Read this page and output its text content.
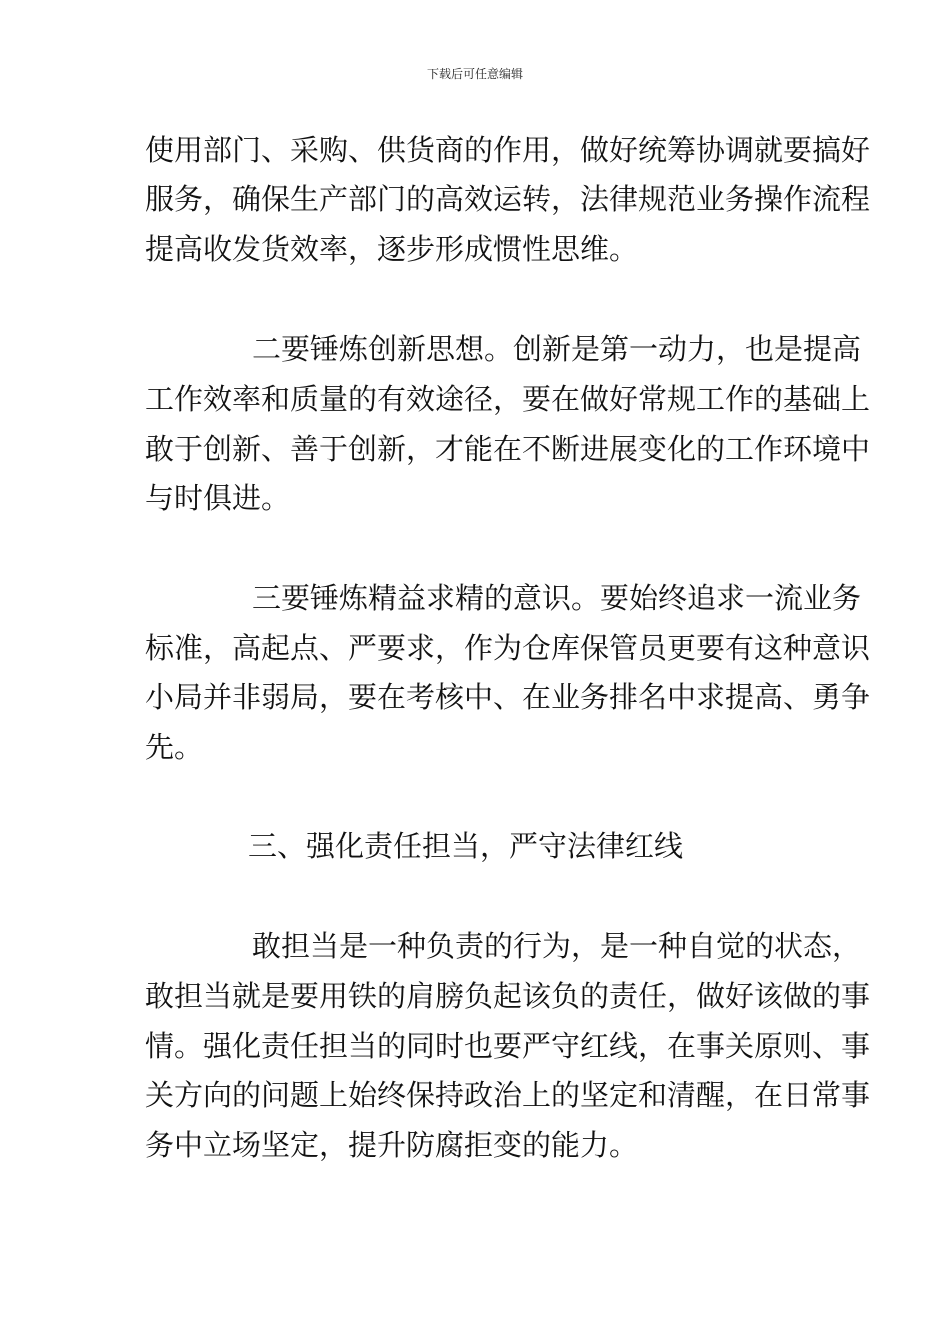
下载后可任意编辑
使用部门、采购、供货商的作用，做好统筹协调就要搞好
服务，确保生产部门的高效运转，法律规范业务操作流程
提高收发货效率，逐步形成惯性思维。
二要锤炼创新思想。创新是第一动力，也是提高
工作效率和质量的有效途径，要在做好常规工作的基础上
敢于创新、善于创新，才能在不断进展变化的工作环境中
与时俱进。
三要锤炼精益求精的意识。要始终追求一流业务
标准，高起点、严要求，作为仓库保管员更要有这种意识
小局并非弱局，要在考核中、在业务排名中求提高、勇争
先。
三、强化责任担当，严守法律红线
敢担当是一种负责的行为，是一种自觉的状态，
敢担当就是要用铁的肩膀负起该负的责任，做好该做的事
情。强化责任担当的同时也要严守红线，在事关原则、事
关方向的问题上始终保持政治上的坚定和清醒，在日常事
务中立场坚定，提升防腐拒变的能力。
